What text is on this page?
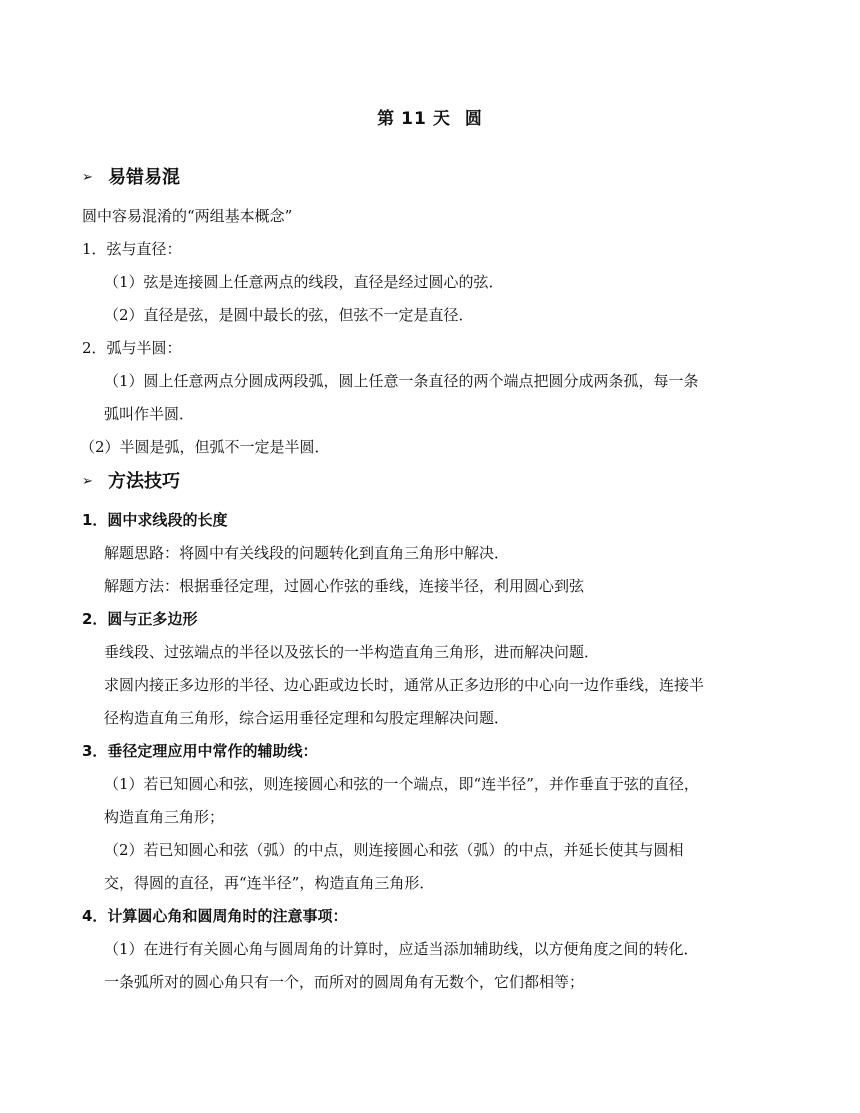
第 11 天 圆
➢ 易错易混
圆中容易混淆的“两组基本概念”
1．弦与直径：
（1）弦是连接圆上任意两点的线段，直径是经过圆心的弦．
（2）直径是弦，是圆中最长的弦，但弦不一定是直径．
2．弧与半圆：
（1）圆上任意两点分圆成两段弧，圆上任意一条直径的两个端点把圆分成两条孤，每一条
弧叫作半圆．
（2）半圆是弧，但弧不一定是半圆．
➢ 方法技巧
1．圆中求线段的长度
解题思路：将圆中有关线段的问题转化到直角三角形中解决．
解题方法：根据垂径定理，过圆心作弦的垂线，连接半径，利用圆心到弦
2．圆与正多边形
垂线段、过弦端点的半径以及弦长的一半构造直角三角形，进而解决问题．
求圆内接正多边形的半径、边心距或边长时，通常从正多边形的中心向一边作垂线，连接半
径构造直角三角形，综合运用垂径定理和勾股定理解决问题．
3．垂径定理应用中常作的辅助线：
（1）若已知圆心和弦，则连接圆心和弦的一个端点，即“连半径”，并作垂直于弦的直径，
构造直角三角形；
（2）若已知圆心和弦（弧）的中点，则连接圆心和弦（弧）的中点，并延长使其与圆相
交，得圆的直径，再“连半径”，构造直角三角形．
4．计算圆心角和圆周角时的注意事项：
（1）在进行有关圆心角与圆周角的计算时，应适当添加辅助线，以方便角度之间的转化．
一条弧所对的圆心角只有一个，而所对的圆周角有无数个，它们都相等；
